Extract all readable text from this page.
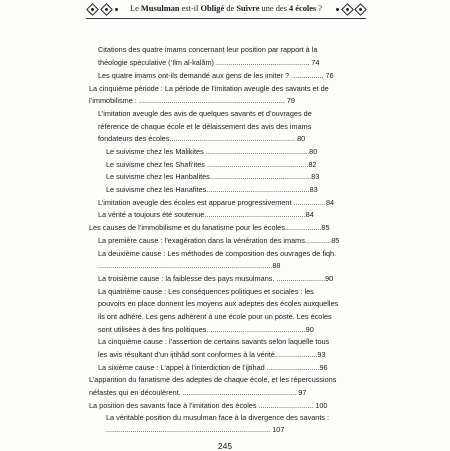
Le Musulman est-il Obligé de Suivre une des 4 écoles ?
Citations des quatre imams concernant leur position par rapport à la
théologie spéculative (‘Ilm al-kalâm) .............................................. 74
Les quatre imams ont-ils demandé aux gens de les imiter ? ................ 76
La cinquième période : La période de l’imitation aveugle des savants et de
l’immobilisme : ........................................................................ 79
L’imitation aveugle des avis de quelques savants et d’ouvrages de
référence de chaque école et le délaissement des avis des imams
fondateurs des écoles.............................................................. 80
Le suivisme chez les Malikites ...................................................80
Le suivisme chez les Shafi‘ites ..................................................82
Le suivisme chez les Hanbalites..................................................83
Le suivisme chez les Hanafites...................................................83
L’imitation aveugle des écoles est apparue progressivement ................84
La vérité a toujours été soutenue..................................................84
Les causes de l’immobilisme et du fanatisme pour les écoles..................85
La première cause : l’exagération dans la vénération des imams.............85
La deuxième cause : Les méthodes de composition des ouvrages de fiqh.
......................................................................................88
La troisième cause : la faiblesse des pays musulmans. ........................90
La quatrième cause : Les conséquences politiques et sociales : les
pouvoirs en place donnent les moyens aux adeptes des écoles auxquelles
ils ont adhéré. Les gens adhèrent à une école pour un poste. Les écoles
sont utilisées à des fins politiques. ...............................................90
La cinquième cause : l’assertion de certains savants selon laquelle tous
les avis résultant d’un ijtihâd sont conformes à la vérité.....................93
La sixième cause : L’appel à l’interdiction de l’ijtihad ..........................96
L’apparition du fanatisme des adeptes de chaque école, et les répercussions
néfastes qui en découlèrent. ........................................................ 97
La position des savants face à l’imitation des écoles ........................... 100
La véritable position du musulman face à la divergence des savants :
................................................................................. 107
245
